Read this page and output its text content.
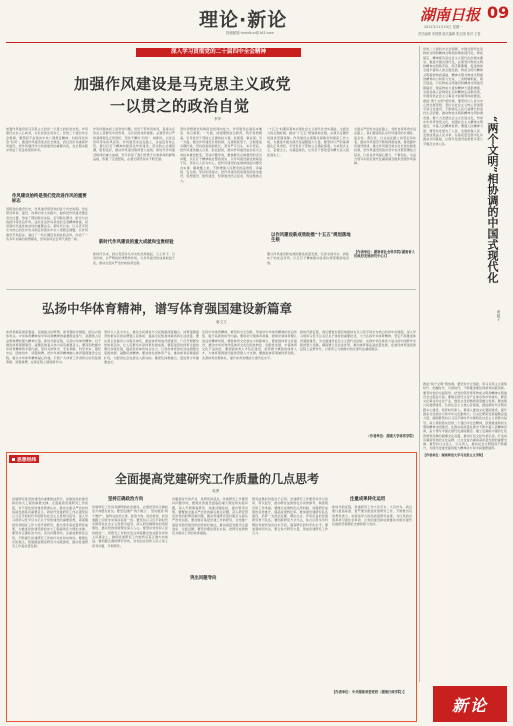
理论·新论
投稿邮箱:hnrblilun@163.com
湖南日报 09
2021年11月15日 星期一
责任编辑 李国强 版式编辑 张志刚 校对 王春
深入学习贯彻党的二十届四中全会精神
加强作风建设是马克思主义政党
一以贯之的政治自觉
李军
加强作风建设是马克思主义政党一以贯之的政治自觉。作风建设关系人心向背，关系党的生死存亡。党的二十届四中全会强调，要锲而不舍落实中央八项规定精神，持续深化纠治“四风”，推进作风建设常态化长效化。我们党历来重视作风建设，把作风建设作为党的建设的重要内容，在长期实践中形成了优良传统和作风。
作风建设始终是我们党改进作风的重要标志
回顾党的建设历史，作风建设贯穿党的各个历史时期。党在领导革命、建设、改革的伟大实践中，始终把作风建设摆在突出位置，形成了理论联系实际、密切联系群众、批评与自我批评等优良作风。这些优良作风是党的宝贵精神财富，是党保持先进性纯洁性的重要法宝。新时代以来，以习近平同志为核心的党中央从制定和落实中央八项规定破题，以作风建设开局起步，刹住了一些长期没有刹住的歪风，纠治了一些多年未除的顽瘴痼疾，党风政风社会风气焕然一新。
作风问题本质上是党性问题。党员干部作风如何，直接关系党在人民群众中的形象，关系党的执政根基。必须坚持以严的基调强化正风肃纪，坚持不懈纠“四风”、树新风，以优良党风带动政风民风。作风建设永远在路上，永远没有休止符。要以钉钉子精神持续深化作风建设，坚决防止反弹回潮、隐形变异，推动作风建设取得更大成效。新时代作风建设取得的重大成就，充分彰显了我们党勇于自我革命的鲜明品格，积累了宝贵经验，必须长期坚持并不断发展。
新时代作风建设的重大成就和宝贵经验
新时代以来，我们党坚持从中央政治局做起，以上率下、以身作则，以严明的纪律整饬作风，以作风建设的成效取信于民，推动全面从严治党向纵深发展。
坚持思想建党和制度治党同向发力。作风建设必须标本兼治、综合施策。一方面，加强理想信念教育，筑牢思想根基，引导党员干部树立正确的权力观、政绩观、事业观；另一方面，健全作风建设长效机制，扎紧制度笼子，让制度成为硬约束。坚持抓常抓细抓长，坚持严字当头、实字托底，把作风建设融入日常、抓在经常，推动作风建设由治标为主向标本兼治转变。坚持问题导向，聚焦群众反映强烈的突出问题，以钉钉子精神抓好整改落实，以作风建设新成效取信于民。坚持以人民为中心，把作风建设的成效体现到为群众办实事、解难题上来，不断增强人民群众的获得感、幸福感、安全感。坚持系统观念，把作风建设同加强党的政治建设、思想建设、组织建设、纪律建设结合起来，形成整体合力。
“十五五”时期是基本实现社会主义现代化夯实基础、全面发力的关键时期。推动“十五五”规划落地生根，必须以过硬作风提供坚强保障。作风建设必须服务保障党和国家工作大局，为推进中国式现代化凝聚强大力量。要坚持以严的基调强化正风肃纪，引导党员干部树立正确政绩观，力戒形式主义、官僚主义，为基层减负，让党员干部把更多精力投入到抓落实上。
以作风建设新成效助推“十五五”规划落地生根
要以作风建设新成效助推高质量发展，弘扬求真务实、真抓实干的优良作风，以钉钉子精神推动各项决策部署落地见效。
全面从严治党永远在路上，党的自我革命永远在路上。我们要深刻认识作风建设的长期性、复杂性、艰巨性，以永远在路上的坚定和执着，推动作风建设不断取得新成效。要把握作风建设规律，健全作风建设常态化长效化制度机制，把作风建设同落实党中央决策部署结合起来，以优良作风凝心聚力、干事创业，为奋力谱写中国式现代化湖南篇章提供坚强作风保障。
【作者单位：湖南省社会科学院(湖南省人民政府发展研究中心)】
党的二十届四中全会强调，中国式现代化是物质文明和精神文明相协调的现代化。物质富足、精神富有是社会主义现代化的根本要求。推进中国式现代化，必须坚持物质文明和精神文明两手抓、两手都要硬，促进物的全面丰富和人的全面发展。物质文明为精神文明提供物质基础，精神文明为物质文明提供精神动力和智力支持，二者相辅相成、相互促进。只有物质文明建设和精神文明建设都搞好，国家物质力量和精神力量都增强，全国各族人民物质生活和精神生活都改善，中国特色社会主义事业才能顺利向前推进。推进“两个文明”相协调，要坚持以人民为中心的发展思想，坚持以社会主义核心价值观引领文化建设，不断满足人民日益增长的美好生活需要，推动物质文明和精神文明协调发展。要大力发展社会主义先进文化，传承中华优秀传统文化，加强社会主义精神文明建设，丰富人民精神世界，增强人民精神力量。要坚持发展为了人民、发展依靠人民、发展成果由人民共享，在高质量发展中扎实推动共同富裕，让现代化建设成果更多更公平惠及全体人民。	“两个文明”相协调的中国式现代化
黄娟子
推进“两个文明”相协调，要坚持守正创新，用马克思主义观察时代、把握时代、引领时代，不断推进理论创新和实践创新。要坚持党的全面领导，把党的领导贯穿物质文明和精神文明建设全过程各方面。要健全现代文化产业体系和市场体系，繁荣文化事业和文化产业，推进文化和旅游深度融合发展。要加强公民道德建设，弘扬社会主义核心价值观，推进新时代文明实践中心建设，培育时代新人。要深入推进文化强国建设，提升国家文化软实力和中华文化影响力，以文化繁荣发展凝聚奋进力量。湖南要坚持以习近平新时代中国特色社会主义思想为指导，深入贯彻落实党的二十届四中全会精神，统筹推进物质文明和精神文明建设，在推动高质量发展中不断丰富人民精神世界，奋力谱写中国式现代化湖南篇章。要立足湖南丰富的红色资源和深厚的湖湘文化底蕴，推动红色文化传承弘扬，打造具有湖南特色的文化品牌，让文化成为湖南高质量发展的重要支撑。要坚持以文化人、以文育人，推动社会文明程度不断提升，为现代化建设提供强大精神动力和丰润道德滋养。
【作者单位：湖南师范大学马克思主义学院】
弘扬中华体育精神，谱写体育强国建设新篇章
唐文文
体育承载着国家强盛、民族振兴的梦想。体育强则中国强，国运兴则体育兴。中华体育精神是中华民族精神的重要组成部分，是激励人民奋勇拼搏的强大精神力量。新时代新征程，弘扬中华体育精神，对于推进体育强国建设、凝聚民族复兴伟力具有重要意义。要深刻把握中华体育精神的丰富内涵，坚持为国争光、无私奉献、科学求实、遵纪守法、团结协作、顽强拼搏，把中华体育精神融入体育强国建设全过程。要以中华体育精神凝心铸魂，引领广大体育工作者和运动员爱国奉献、顽强拼搏，在新征程上展现新作为。
坚持以人民为中心，推动全民健身与全民健康深度融合。体育强国建设的根本目的是增强人民体质、提高全民族身体素质和生活质量。要完善全民健身公共服务体系，推进体育场地设施建设，广泛开展群众性体育活动，让人民群众共享体育发展成果。要促进竞技体育全面协调可持续发展，提高竞技体育综合实力，以竞技体育的优异成绩激发爱国热情、凝聚民族精神。要加快发展体育产业，推动体育消费提质扩容，为经济社会发展注入新动能。要深化体教融合，促进青少年健康成长。
弘扬中华体育精神，要坚持守正创新，传承好中华体育精神的优良传统，赋予其新的时代内涵。要讲好中国体育故事，展现中国体育健儿的良好精神风貌，增强体育文化软实力和影响力。要加强体育文化建设，推动中华优秀传统体育文化创造性转化、创新性发展，丰富体育文化产品供给。要加强体育人才队伍建设，培养德才兼备的体育人才，为体育强国建设提供坚强人才支撑。要推进体育领域改革创新，完善体育治理体系，提升体育治理能力现代化水平。
新时代新征程，我们要更加紧密地团结在以习近平同志为核心的党中央周围，深入学习贯彻习近平总书记关于体育的重要论述，大力弘扬中华体育精神，坚定不移推进体育强国建设，为全面建设社会主义现代化国家、实现中华民族伟大复兴的中国梦作出新的更大贡献。湖南要立足自身优势，推动体育事业高质量发展，在建设体育强省的征程上奋勇争先，以体育之力助推中国式现代化湖南篇章。
（作者单位：湖南大学体育学院）
思想经纬
全面提高党建研究工作质量的几点思考
周勇
党建研究是党的建设的重要组成部分，是推进党的建设新的伟大工程的重要支撑。全面提高党建研究工作质量，对于深化党的建设规律认识、推动全面从严治党向纵深发展具有重要意义。新时代党建研究工作必须坚持以习近平新时代中国特色社会主义思想为指导，深入学习贯彻习近平总书记关于党的建设的重要思想，紧紧围绕党和国家工作大局开展研究，推出更多高质量研究成果，为推进党的建设新的伟大工程提供有力理论支撑。要坚持正确政治方向，突出问题导向，注重成果转化运用，不断提升党建研究工作的针对性和实效性。要强化系统观念，统筹推进理论研究与实践探索，推动党建研究工作高质量发展。
坚持正确政治方向
党建研究工作具有鲜明的政治属性，必须把坚持正确政治方向摆在首位。要坚定拥护“两个确立”、坚决做到“两个维护”，始终在政治立场、政治方向、政治原则、政治道路上同党中央保持高度一致。要坚持以习近平新时代中国特色社会主义思想为指导，深入研究阐释党的创新理论，推动党的创新理论深入人心。要坚持党性和人民性相统一，把研究工作的出发点和落脚点放在服务党和人民事业上，确保党建研究工作始终沿着正确方向前进。要把握正确的研究导向，自觉站在党和人民立场上思考问题、开展研究。
突出问题导向
问题是时代的声音，是研究的起点。党建研究工作要坚持问题导向，聚焦党的建设面临的重大理论和实践问题，深入开展调查研究，找准问题症结，提出管用对策。要聚焦全面从严治党的重点难点问题，深入研究管党治党的新情况新问题，推动党建研究更好服务全面从严治党实践。要加强对基层党建工作的研究，总结推广基层党组织建设的好经验好做法，推动基层党组织全面进步、全面过硬。要坚持理论联系实际，把研究成果转化为推动工作的具体措施。
研究成果的价值在于运用。党建研究工作要坚持学以致用、用以促学，推动研究成果转化为决策参考、制度规范和工作举措。要健全成果转化运用机制，加强研究成果的宣传推介，提高成果转化率。要加强党建研究队伍建设，培养一支政治过硬、理论扎实、作风优良的党建研究骨干队伍。要创新研究方式方法，综合运用多学科理论和现代信息技术手段，提高研究的科学化水平。要加强协同攻关，整合各方研究力量，形成党建研究工作合力。
注重成果转化运用
新时代新征程，党建研究工作大有可为、大有作为。我们要以更高标准、更严要求推进党建研究工作，不断推出有思想穿透力、实践指导力的高质量研究成果，为以党的自我革命引领社会革命、以党的建设新成效推动中国式现代化提供坚强理论支撑和智力支持。
【作者单位：中共湖南省委党校（湖南行政学院）】
新论
